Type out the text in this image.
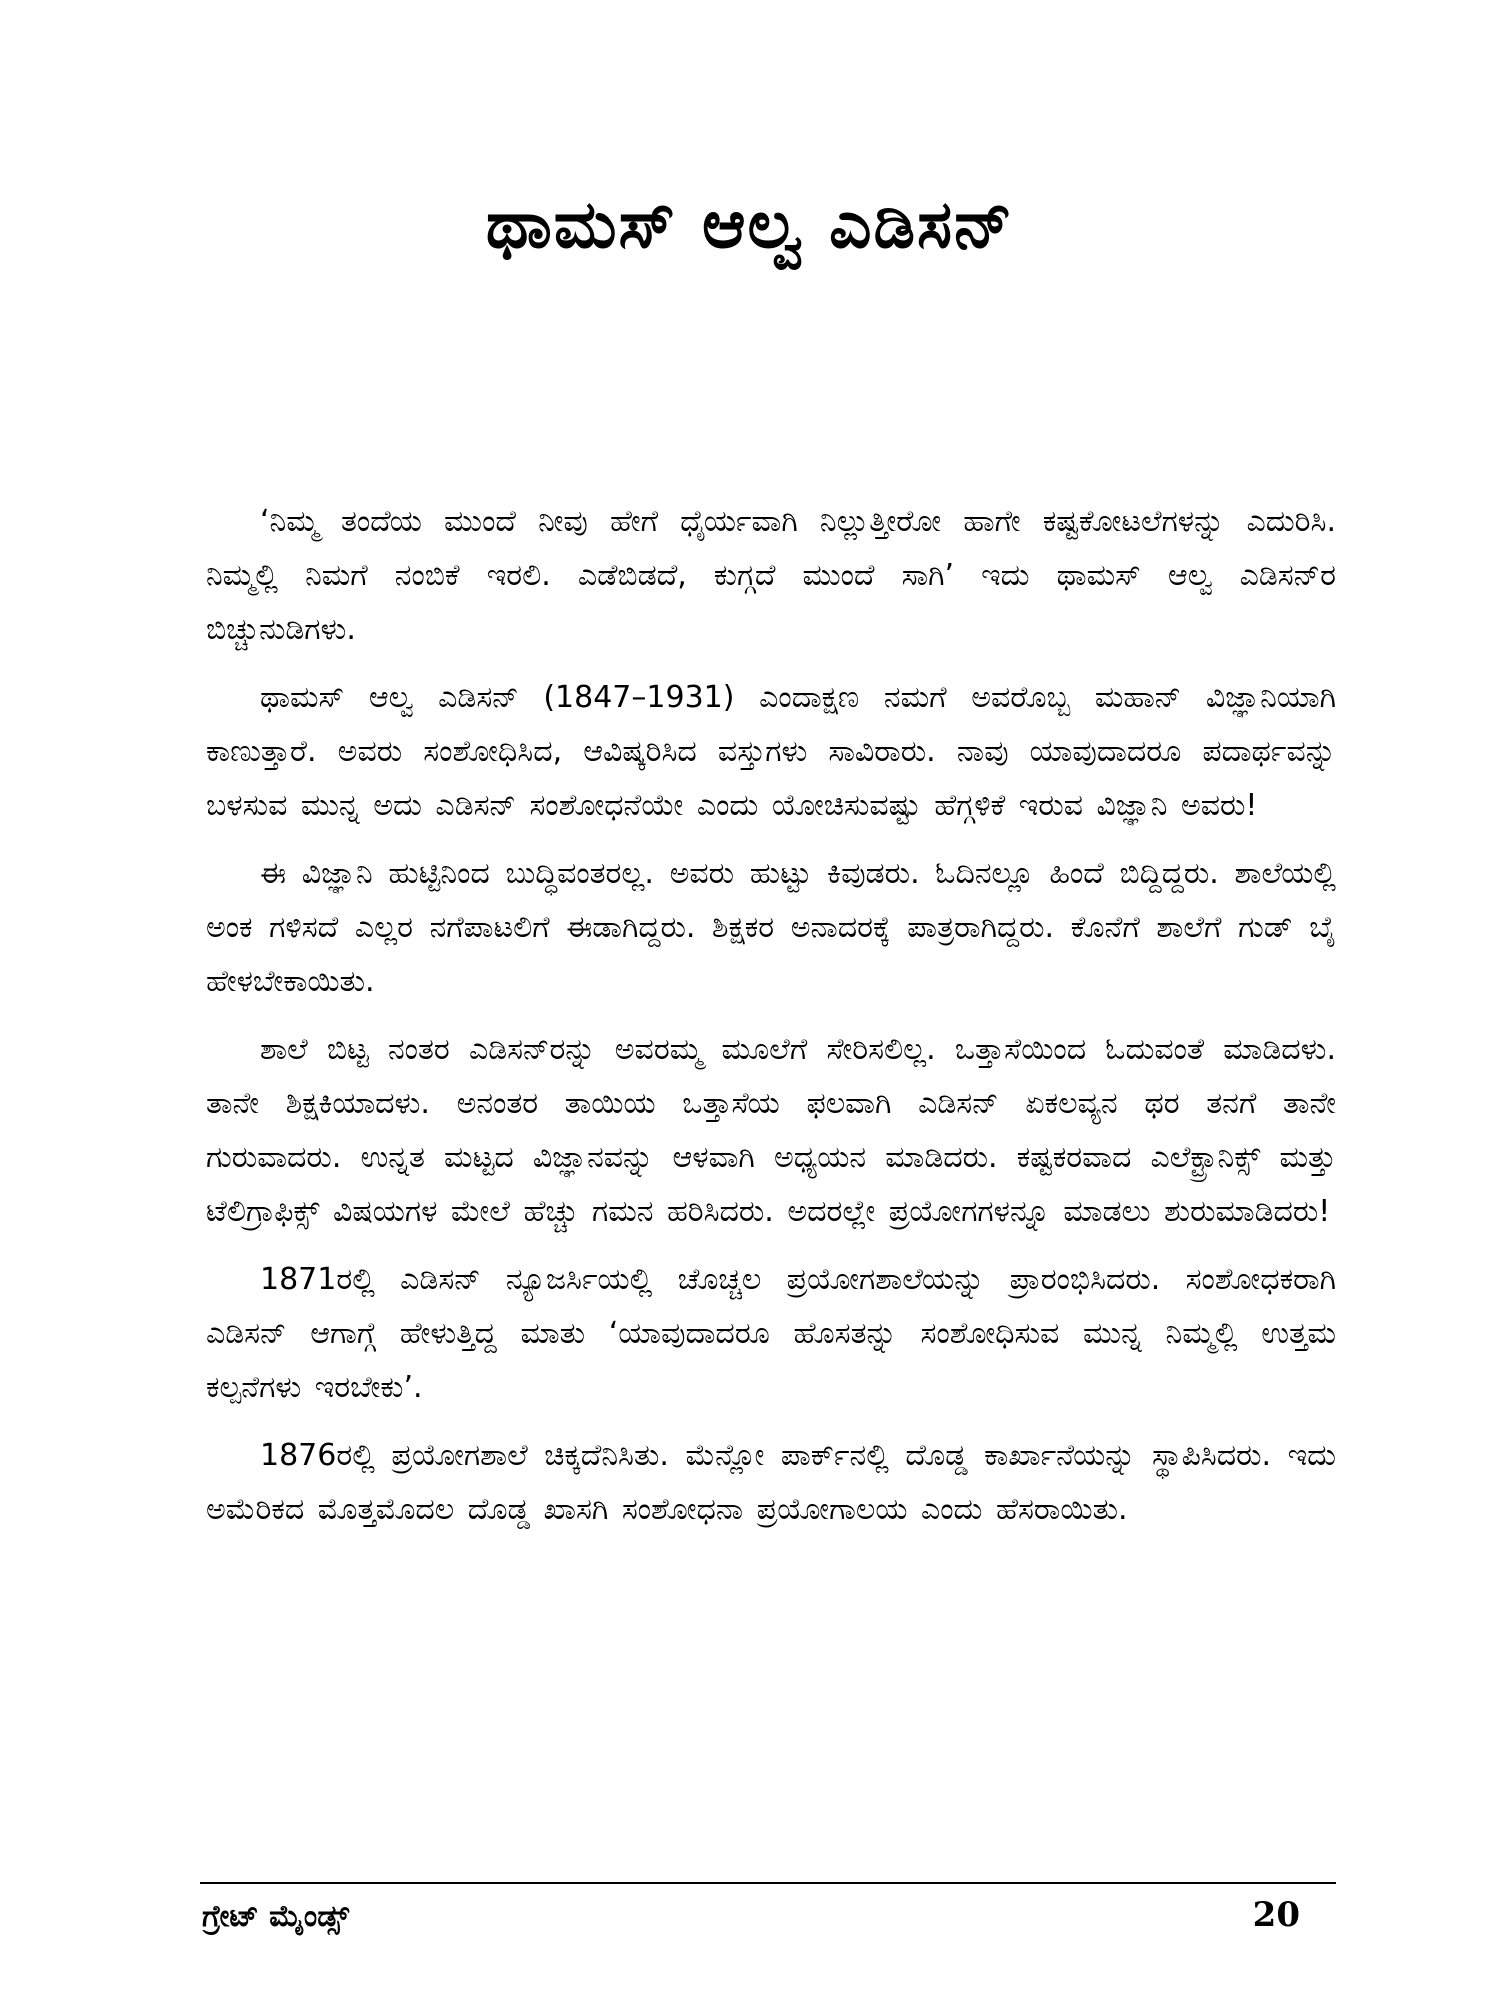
ಥಾಮಸ್ ಆಲ್ವ ಎಡಿಸನ್

‘ನಿಮ್ಮ ತಂದೆಯ ಮುಂದೆ ನೀವು ಹೇಗೆ ಧೈರ್ಯವಾಗಿ ನಿಲ್ಲುತ್ತೀರೋ ಹಾಗೇ ಕಷ್ಟಕೋಟಲೆಗಳನ್ನು ಎದುರಿಸಿ. ನಿಮ್ಮಲ್ಲಿ ನಿಮಗೆ ನಂಬಿಕೆ ಇರಲಿ. ಎಡೆಬಿಡದೆ, ಕುಗ್ಗದೆ ಮುಂದೆ ಸಾಗಿ’ ಇದು ಥಾಮಸ್ ಆಲ್ವ ಎಡಿಸನ್‌ರ ಬಿಚ್ಚುನುಡಿಗಳು.

ಥಾಮಸ್ ಆಲ್ವ ಎಡಿಸನ್ (1847–1931) ಎಂದಾಕ್ಷಣ ನಮಗೆ ಅವರೊಬ್ಬ ಮಹಾನ್ ವಿಜ್ಞಾನಿಯಾಗಿ ಕಾಣುತ್ತಾರೆ. ಅವರು ಸಂಶೋಧಿಸಿದ, ಆವಿಷ್ಕರಿಸಿದ ವಸ್ತುಗಳು ಸಾವಿರಾರು. ನಾವು ಯಾವುದಾದರೂ ಪದಾರ್ಥವನ್ನು ಬಳಸುವ ಮುನ್ನ ಅದು ಎಡಿಸನ್ ಸಂಶೋಧನೆಯೇ ಎಂದು ಯೋಚಿಸುವಷ್ಟು ಹೆಗ್ಗಳಿಕೆ ಇರುವ ವಿಜ್ಞಾನಿ ಅವರು!

ಈ ವಿಜ್ಞಾನಿ ಹುಟ್ಟಿನಿಂದ ಬುದ್ಧಿವಂತರಲ್ಲ. ಅವರು ಹುಟ್ಟು ಕಿವುಡರು. ಓದಿನಲ್ಲೂ ಹಿಂದೆ ಬಿದ್ದಿದ್ದರು. ಶಾಲೆಯಲ್ಲಿ ಅಂಕ ಗಳಿಸದೆ ಎಲ್ಲರ ನಗೆಪಾಟಲಿಗೆ ಈಡಾಗಿದ್ದರು. ಶಿಕ್ಷಕರ ಅನಾದರಕ್ಕೆ ಪಾತ್ರರಾಗಿದ್ದರು. ಕೊನೆಗೆ ಶಾಲೆಗೆ ಗುಡ್ ಬೈ ಹೇಳಬೇಕಾಯಿತು.

ಶಾಲೆ ಬಿಟ್ಟ ನಂತರ ಎಡಿಸನ್‌ರನ್ನು ಅವರಮ್ಮ ಮೂಲೆಗೆ ಸೇರಿಸಲಿಲ್ಲ. ಒತ್ತಾಸೆಯಿಂದ ಓದುವಂತೆ ಮಾಡಿದಳು. ತಾನೇ ಶಿಕ್ಷಕಿಯಾದಳು. ಅನಂತರ ತಾಯಿಯ ಒತ್ತಾಸೆಯ ಫಲವಾಗಿ ಎಡಿಸನ್ ಏಕಲವ್ಯನ ಥರ ತನಗೆ ತಾನೇ ಗುರುವಾದರು. ಉನ್ನತ ಮಟ್ಟದ ವಿಜ್ಞಾನವನ್ನು ಆಳವಾಗಿ ಅಧ್ಯಯನ ಮಾಡಿದರು. ಕಷ್ಟಕರವಾದ ಎಲೆಕ್ಟ್ರಾನಿಕ್ಸ್ ಮತ್ತು ಟೆಲಿಗ್ರಾಫಿಕ್ಸ್ ವಿಷಯಗಳ ಮೇಲೆ ಹೆಚ್ಚು ಗಮನ ಹರಿಸಿದರು. ಅದರಲ್ಲೇ ಪ್ರಯೋಗಗಳನ್ನೂ ಮಾಡಲು ಶುರುಮಾಡಿದರು!

1871ರಲ್ಲಿ ಎಡಿಸನ್ ನ್ಯೂಜರ್ಸಿಯಲ್ಲಿ ಚೊಚ್ಚಲ ಪ್ರಯೋಗಶಾಲೆಯನ್ನು ಪ್ರಾರಂಭಿಸಿದರು. ಸಂಶೋಧಕರಾಗಿ ಎಡಿಸನ್ ಆಗಾಗ್ಗೆ ಹೇಳುತ್ತಿದ್ದ ಮಾತು ‘ಯಾವುದಾದರೂ ಹೊಸತನ್ನು ಸಂಶೋಧಿಸುವ ಮುನ್ನ ನಿಮ್ಮಲ್ಲಿ ಉತ್ತಮ ಕಲ್ಪನೆಗಳು ಇರಬೇಕು’.

1876ರಲ್ಲಿ ಪ್ರಯೋಗಶಾಲೆ ಚಿಕ್ಕದೆನಿಸಿತು. ಮೆನ್ಲೋ ಪಾರ್ಕ್‌ನಲ್ಲಿ ದೊಡ್ಡ ಕಾರ್ಖಾನೆಯನ್ನು ಸ್ಥಾಪಿಸಿದರು. ಇದು ಅಮೆರಿಕದ ಮೊತ್ತಮೊದಲ ದೊಡ್ಡ ಖಾಸಗಿ ಸಂಶೋಧನಾ ಪ್ರಯೋಗಾಲಯ ಎಂದು ಹೆಸರಾಯಿತು.

ಗ್ರೇಟ್ ಮೈಂಡ್ಸ್	20
